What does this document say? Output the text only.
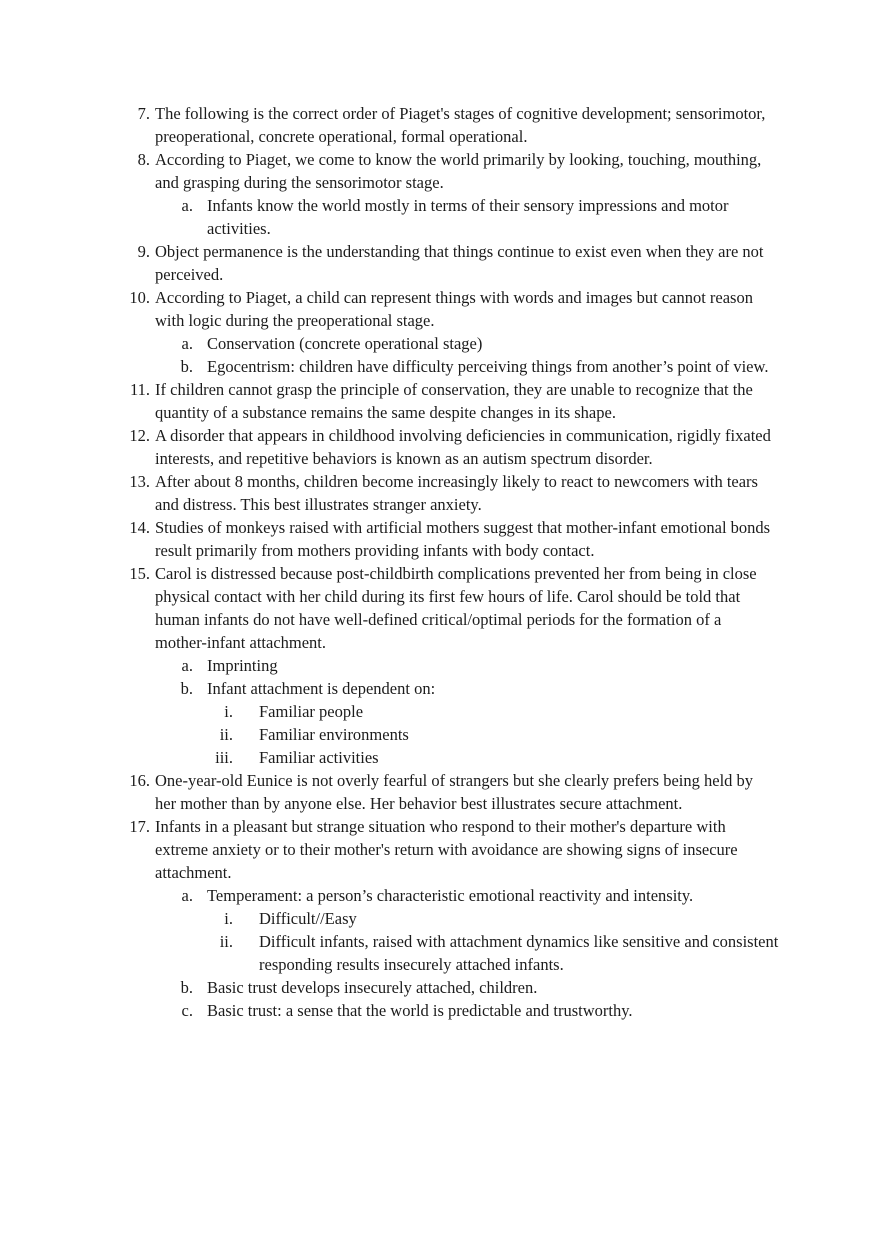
7. The following is the correct order of Piaget's stages of cognitive development; sensorimotor, preoperational, concrete operational, formal operational.
8. According to Piaget, we come to know the world primarily by looking, touching, mouthing, and grasping during the sensorimotor stage.
a. Infants know the world mostly in terms of their sensory impressions and motor activities.
9. Object permanence is the understanding that things continue to exist even when they are not perceived.
10. According to Piaget, a child can represent things with words and images but cannot reason with logic during the preoperational stage.
a. Conservation (concrete operational stage)
b. Egocentrism: children have difficulty perceiving things from another’s point of view.
11. If children cannot grasp the principle of conservation, they are unable to recognize that the quantity of a substance remains the same despite changes in its shape.
12. A disorder that appears in childhood involving deficiencies in communication, rigidly fixated interests, and repetitive behaviors is known as an autism spectrum disorder.
13. After about 8 months, children become increasingly likely to react to newcomers with tears and distress. This best illustrates stranger anxiety.
14. Studies of monkeys raised with artificial mothers suggest that mother-infant emotional bonds result primarily from mothers providing infants with body contact.
15. Carol is distressed because post-childbirth complications prevented her from being in close physical contact with her child during its first few hours of life. Carol should be told that human infants do not have well-defined critical/optimal periods for the formation of a mother-infant attachment.
a. Imprinting
b. Infant attachment is dependent on:
i. Familiar people
ii. Familiar environments
iii. Familiar activities
16. One-year-old Eunice is not overly fearful of strangers but she clearly prefers being held by her mother than by anyone else. Her behavior best illustrates secure attachment.
17. Infants in a pleasant but strange situation who respond to their mother's departure with extreme anxiety or to their mother's return with avoidance are showing signs of insecure attachment.
a. Temperament: a person’s characteristic emotional reactivity and intensity.
i. Difficult//Easy
ii. Difficult infants, raised with attachment dynamics like sensitive and consistent responding results insecurely attached infants.
b. Basic trust develops insecurely attached, children.
c. Basic trust: a sense that the world is predictable and trustworthy.
